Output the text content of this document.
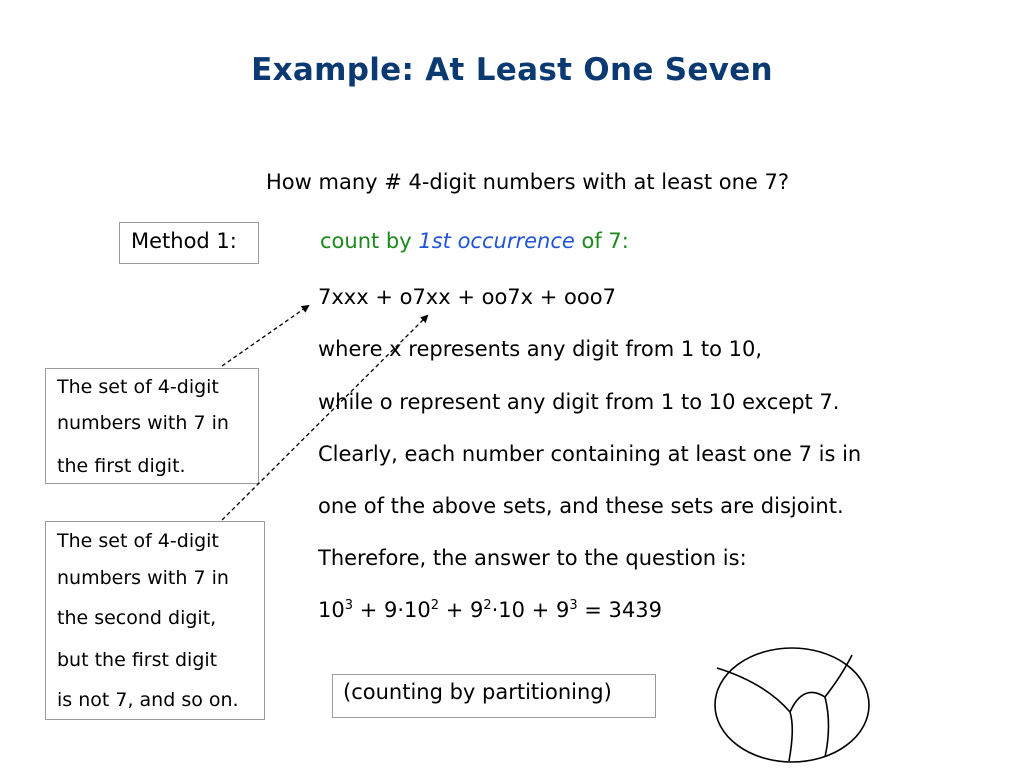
Example: At Least One Seven
How many # 4-digit numbers with at least one 7?
Method 1:	count by 1st occurrence of 7:
7xxx + o7xx + oo7x + ooo7
where x represents any digit from 1 to 10,
while o represent any digit from 1 to 10 except 7.
Clearly, each number containing at least one 7 is in
one of the above sets, and these sets are disjoint.
Therefore, the answer to the question is:
$10^3 + 9\cdot 10^2 + 9^2\cdot 10 + 9^3 = 3439$
The set of 4-digit
numbers with 7 in
the first digit.
The set of 4-digit
numbers with 7 in
the second digit,
but the first digit
is not 7, and so on.	(counting by partitioning)
